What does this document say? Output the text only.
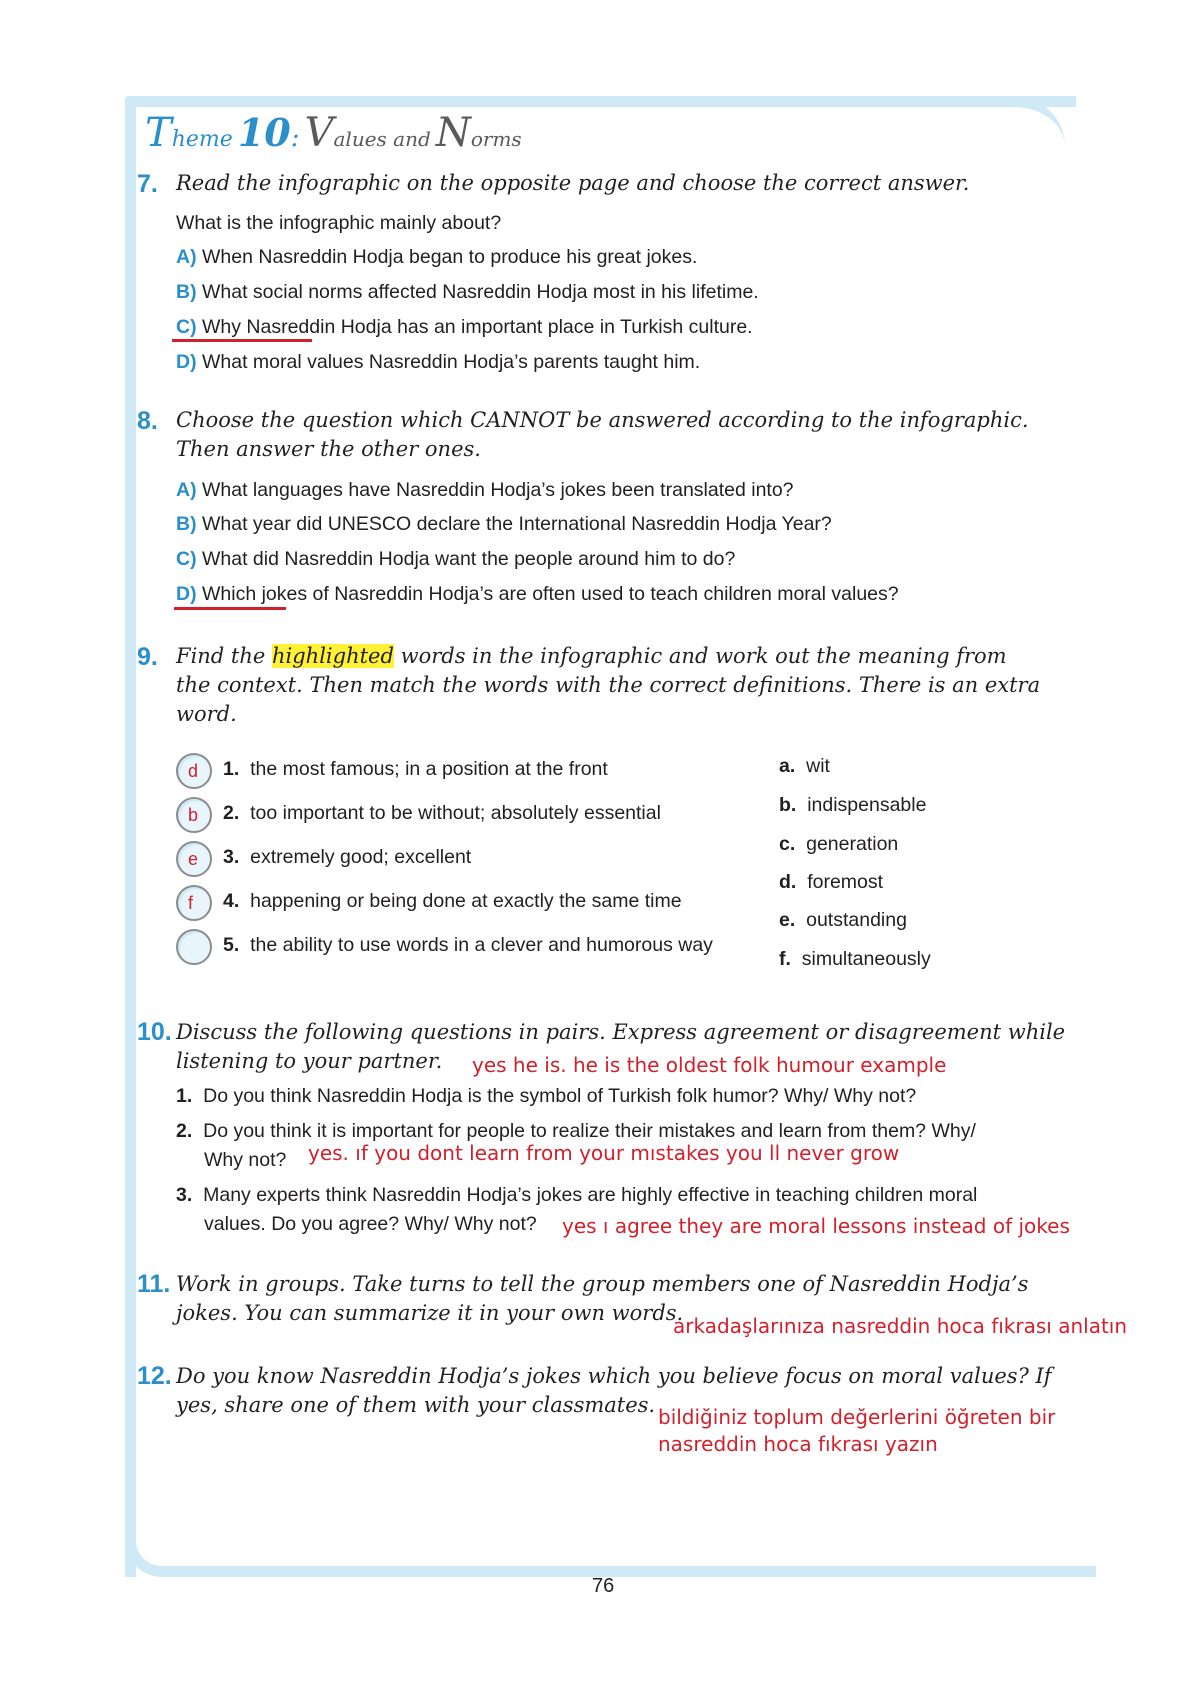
Theme 10: Values and Norms
7. Read the infographic on the opposite page and choose the correct answer.
What is the infographic mainly about?
A) When Nasreddin Hodja began to produce his great jokes.
B) What social norms affected Nasreddin Hodja most in his lifetime.
C) Why Nasreddin Hodja has an important place in Turkish culture.
D) What moral values Nasreddin Hodja’s parents taught him.
8. Choose the question which CANNOT be answered according to the infographic.
Then answer the other ones.
A) What languages have Nasreddin Hodja’s jokes been translated into?
B) What year did UNESCO declare the International Nasreddin Hodja Year?
C) What did Nasreddin Hodja want the people around him to do?
D) Which jokes of Nasreddin Hodja’s are often used to teach children moral values?
9. Find the highlighted words in the infographic and work out the meaning from
the context. Then match the words with the correct definitions. There is an extra
word.
d 1. the most famous; in a position at the front
b 2. too important to be without; absolutely essential
e 3. extremely good; excellent
f 4. happening or being done at exactly the same time
5. the ability to use words in a clever and humorous way
a. wit
b. indispensable
c. generation
d. foremost
e. outstanding
f. simultaneously
10. Discuss the following questions in pairs. Express agreement or disagreement while
listening to your partner. yes he is. he is the oldest folk humour example
1. Do you think Nasreddin Hodja is the symbol of Turkish folk humor? Why/ Why not?
2. Do you think it is important for people to realize their mistakes and learn from them? Why/
Why not? yes. ıf you dont learn from your mıstakes you ll never grow
3. Many experts think Nasreddin Hodja’s jokes are highly effective in teaching children moral
values. Do you agree? Why/ Why not? yes ı agree they are moral lessons instead of jokes
11. Work in groups. Take turns to tell the group members one of Nasreddin Hodja’s
jokes. You can summarize it in your own words.
arkadaşlarınıza nasreddin hoca fıkrası anlatın
12. Do you know Nasreddin Hodja’s jokes which you believe focus on moral values? If
yes, share one of them with your classmates. bildiğiniz toplum değerlerini öğreten bir
nasreddin hoca fıkrası yazın
76
